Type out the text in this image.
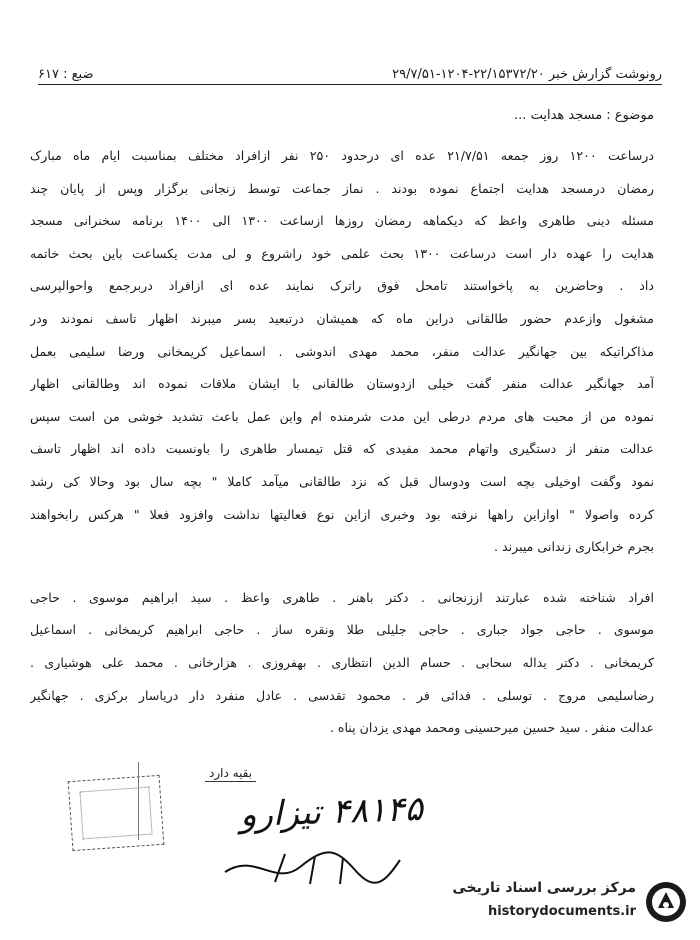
ضبع : ۶۱۷	رونوشت گزارش خبر ۲۲/۱۵۳۷۲/۲۰-۱۲۰۴-۲۹/۷/۵۱
موضوع : مسجد هدایت ...
درساعت ۱۲۰۰ روز جمعه ۲۱/۷/۵۱ عده ای درحدود ۲۵۰ نفر ازافراد مختلف بمناسبت ایام ماه مبارک
رمضان درمسجد هدایت اجتماع نموده بودند . نماز جماعت توسط زنجانی برگزار وپس از پایان چند
مسئله دینی طاهری واعظ که دیکماهه رمضان روزها ازساعت ۱۳۰۰ الی ۱۴۰۰ برنامه سخنرانی مسجد
هدایت را عهده دار است درساعت ۱۳۰۰ بحث علمی خود راشروع و لی مدت یکساعت باین بحث خاتمه
داد . وحاضرین به پاخواستند تامحل فوق راترک نمایند عده ای ازافراد دربرجمع واحوالپرسی
مشغول وازعدم حضور طالقانی دراین ماه که همیشان درتبعید بسر میبرند اظهار تاسف نمودند ودر
مذاکراتیکه بین جهانگیر عدالت منفر، محمد مهدی اندوشی . اسماعیل کریمخانی ورضا سلیمی بعمل
آمد جهانگیر عدالت منفر گفت خیلی ازدوستان طالقانی با ایشان ملاقات نموده اند وطالقانی اظهار
نموده من از محبت های مردم درطی این مدت شرمنده ام واین عمل باعث تشدید خوشی من است سپس
عدالت منفر از دستگیری واتهام محمد مفیدی که قتل تیمسار طاهری را باونسبت داده اند اظهار تاسف
نمود وگفت اوخیلی بچه است ودوسال قبل که نزد طالقانی میآمد کاملا " بچه سال بود وحالا کی رشد
کرده واصولا " اوازاین راهها نرفته بود وخبری ازاین نوع فعالیتها نداشت وافزود فعلا " هرکس رابخواهند
بجرم خرابکاری زندانی میبرند .
افراد شناخته شده عبارتند اززنجانی . دکتر باهنر . طاهری واعظ . سید ابراهیم موسوی . حاجی
موسوی . حاجی جواد جباری . حاجی جلیلی طلا ونقره ساز . حاجی ابراهیم کریمخانی . اسماعیل
کریمخانی . دکتر یداله سحابی . حسام الدین انتظاری . بهفروزی . هزارخانی . محمد علی هوشیاری .
رضاسلیمی مروج . توسلی . فدائی فر . محمود تقدسی . عادل منفرد دار دریاسار برکزی . جهانگیر
عدالت منفر . سید حسین میرحسینی ومحمد مهدی یزدان پناه .
بقیه دارد
۴۸۱۴۵ تیزارو
مرکز بررسی اسناد تاریخی
historydocuments.ir
